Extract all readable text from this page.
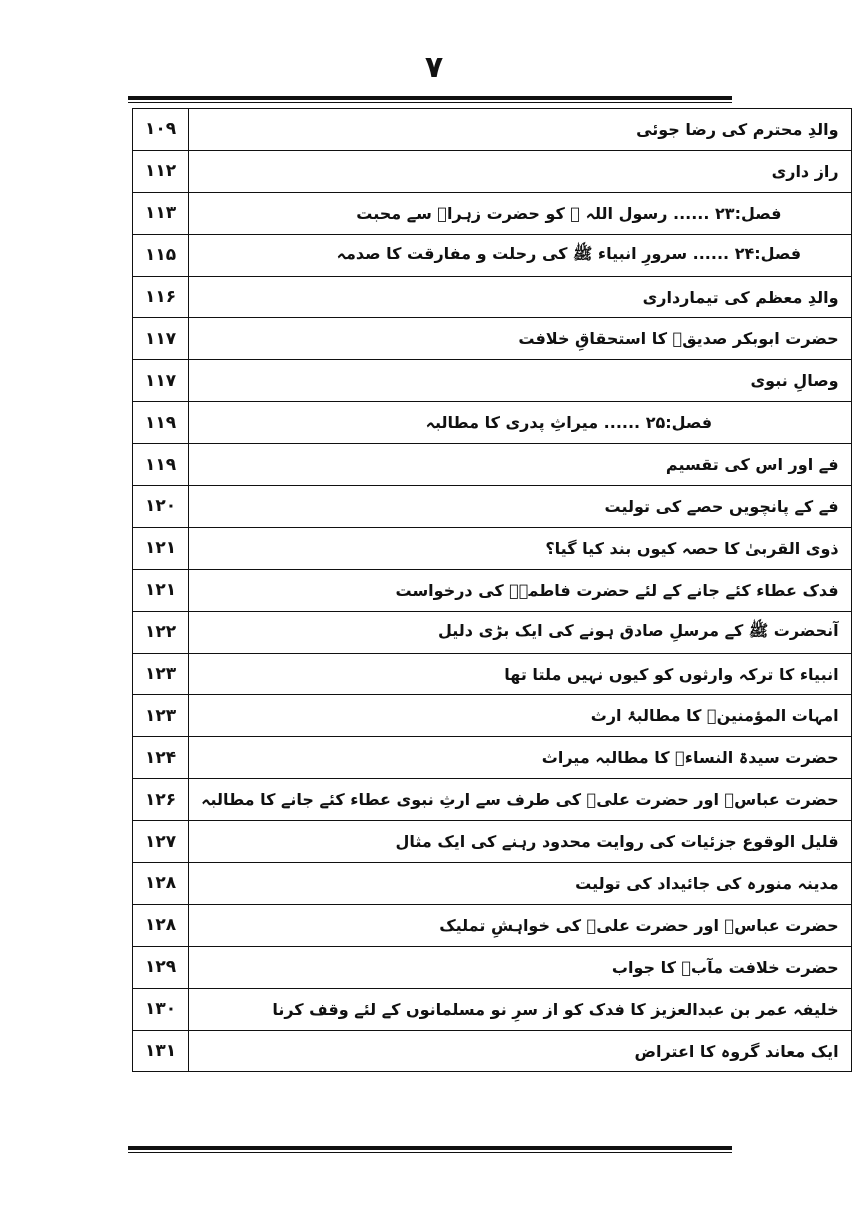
۷
والدِ محترم کی رضا جوئی	۱۰۹
راز داری	۱۱۲
فصل:۲۳ ...... رسول اللہ ﷺ کو حضرت زہراؓ سے محبت	۱۱۳
فصل:۲۴ ...... سرورِ انبیاء ﷺ کی رحلت و مفارقت کا صدمہ	۱۱۵
والدِ معظم کی تیمارداری	۱۱۶
حضرت ابوبکر صدیقؓ کا استحقاقِ خلافت	۱۱۷
وصالِ نبوی	۱۱۷
فصل:۲۵ ...... میراثِ پدری کا مطالبہ	۱۱۹
فے اور اس کی تقسیم	۱۱۹
فے کے پانچویں حصے کی تولیت	۱۲۰
ذوی القربیٰ کا حصہ کیوں بند کیا گیا؟	۱۲۱
فدک عطاء کئے جانے کے لئے حضرت فاطمہؓ کی درخواست	۱۲۱
آنحضرت ﷺ کے مرسلِ صادق ہونے کی ایک بڑی دلیل	۱۲۲
انبیاء کا ترکہ وارثوں کو کیوں نہیں ملتا تھا	۱۲۳
امہات المؤمنینؓ کا مطالبۂ ارث	۱۲۳
حضرت سیدۃ النساءؓ کا مطالبہ میراث	۱۲۴
حضرت عباسؓ اور حضرت علیؓ کی طرف سے ارثِ نبوی عطاء کئے جانے کا مطالبہ	۱۲۶
قلیل الوقوع جزئیات کی روایت محدود رہنے کی ایک مثال	۱۲۷
مدینہ منورہ کی جائیداد کی تولیت	۱۲۸
حضرت عباسؓ اور حضرت علیؓ کی خواہشِ تملیک	۱۲۸
حضرت خلافت مآبؓ کا جواب	۱۲۹
خلیفہ عمر بن عبدالعزیز کا فدک کو از سرِ نو مسلمانوں کے لئے وقف کرنا	۱۳۰
ایک معاند گروہ کا اعتراض	۱۳۱
